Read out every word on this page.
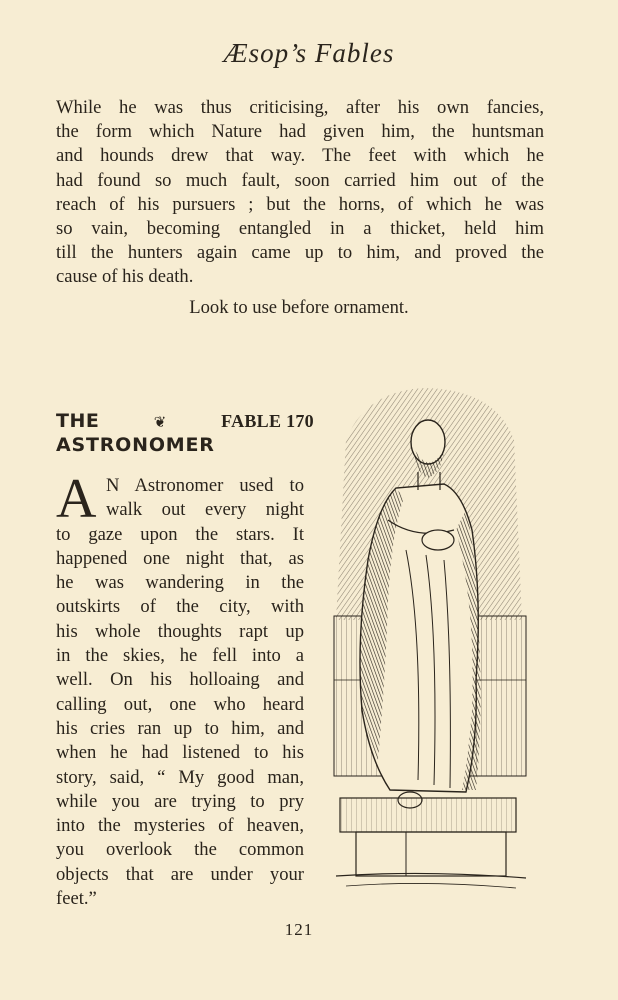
Æsop’s Fables
While he was thus criticising, after his own fancies,
the form which Nature had given him, the huntsman
and hounds drew that way. The feet with which he
had found so much fault, soon carried him out of the
reach of his pursuers ; but the horns, of which he was
so vain, becoming entangled in a thicket, held him
till the hunters again came up to him, and proved the
cause of his death.
Look to use before ornament.
THE	❦	FABLE 170
ASTRONOMER
A N Astronomer used to
walk out every night
to gaze upon the stars. It
happened one night that, as
he was wandering in the
outskirts of the city, with
his whole thoughts rapt up
in the skies, he fell into a
well. On his holloaing and
calling out, one who heard
his cries ran up to him, and
when he had listened to his
story, said, “ My good man,
while you are trying to pry
into the mysteries of heaven,
you overlook the common
objects that are under your
feet.”
121
